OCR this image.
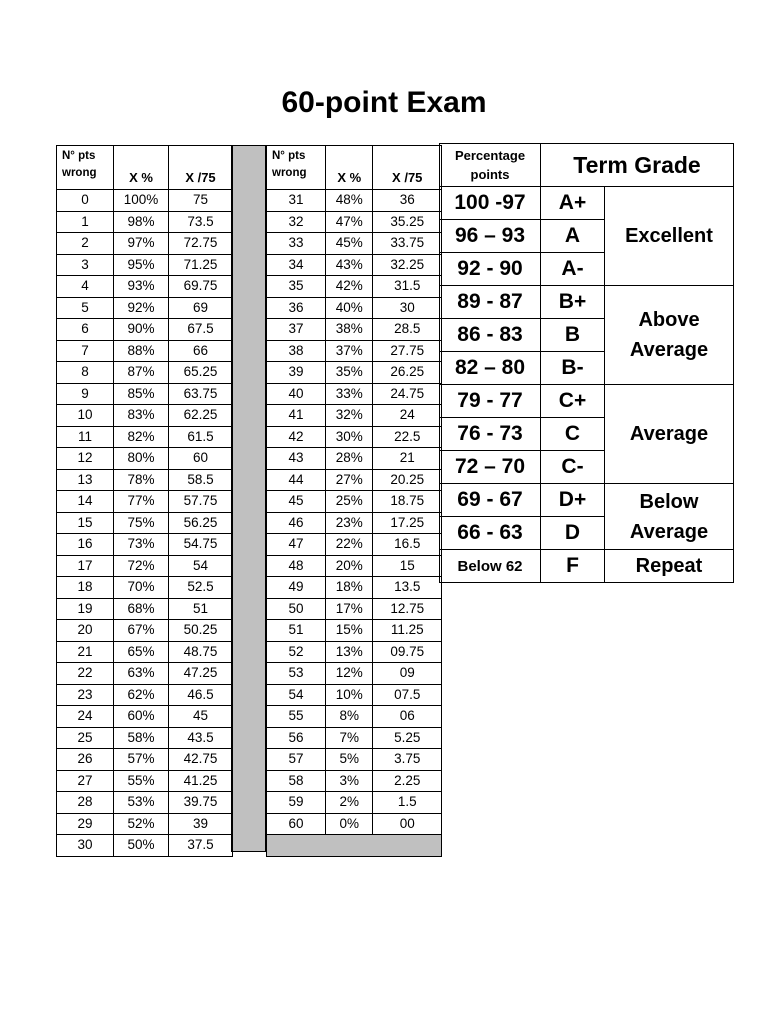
60-point Exam
N° pts wrong	X %	X /75
0	100%	75
1	98%	73.5
2	97%	72.75
3	95%	71.25
4	93%	69.75
5	92%	69
6	90%	67.5
7	88%	66
8	87%	65.25
9	85%	63.75
10	83%	62.25
11	82%	61.5
12	80%	60
13	78%	58.5
14	77%	57.75
15	75%	56.25
16	73%	54.75
17	72%	54
18	70%	52.5
19	68%	51
20	67%	50.25
21	65%	48.75
22	63%	47.25
23	62%	46.5
24	60%	45
25	58%	43.5
26	57%	42.75
27	55%	41.25
28	53%	39.75
29	52%	39
30	50%	37.5
N° pts wrong	X %	X /75
31	48%	36
32	47%	35.25
33	45%	33.75
34	43%	32.25
35	42%	31.5
36	40%	30
37	38%	28.5
38	37%	27.75
39	35%	26.25
40	33%	24.75
41	32%	24
42	30%	22.5
43	28%	21
44	27%	20.25
45	25%	18.75
46	23%	17.25
47	22%	16.5
48	20%	15
49	18%	13.5
50	17%	12.75
51	15%	11.25
52	13%	09.75
53	12%	09
54	10%	07.5
55	8%	06
56	7%	5.25
57	5%	3.75
58	3%	2.25
59	2%	1.5
60	0%	00

Percentage points	Term Grade	
100 -97	A+	Excellent
96 – 93	A	
92 - 90	A-	
89 - 87	B+	Above Average
86 - 83	B	
82 – 80	B-	
79 - 77	C+	Average
76 - 73	C	
72 – 70	C-	
69 - 67	D+	Below Average
66 - 63	D	
Below 62	F	Repeat
